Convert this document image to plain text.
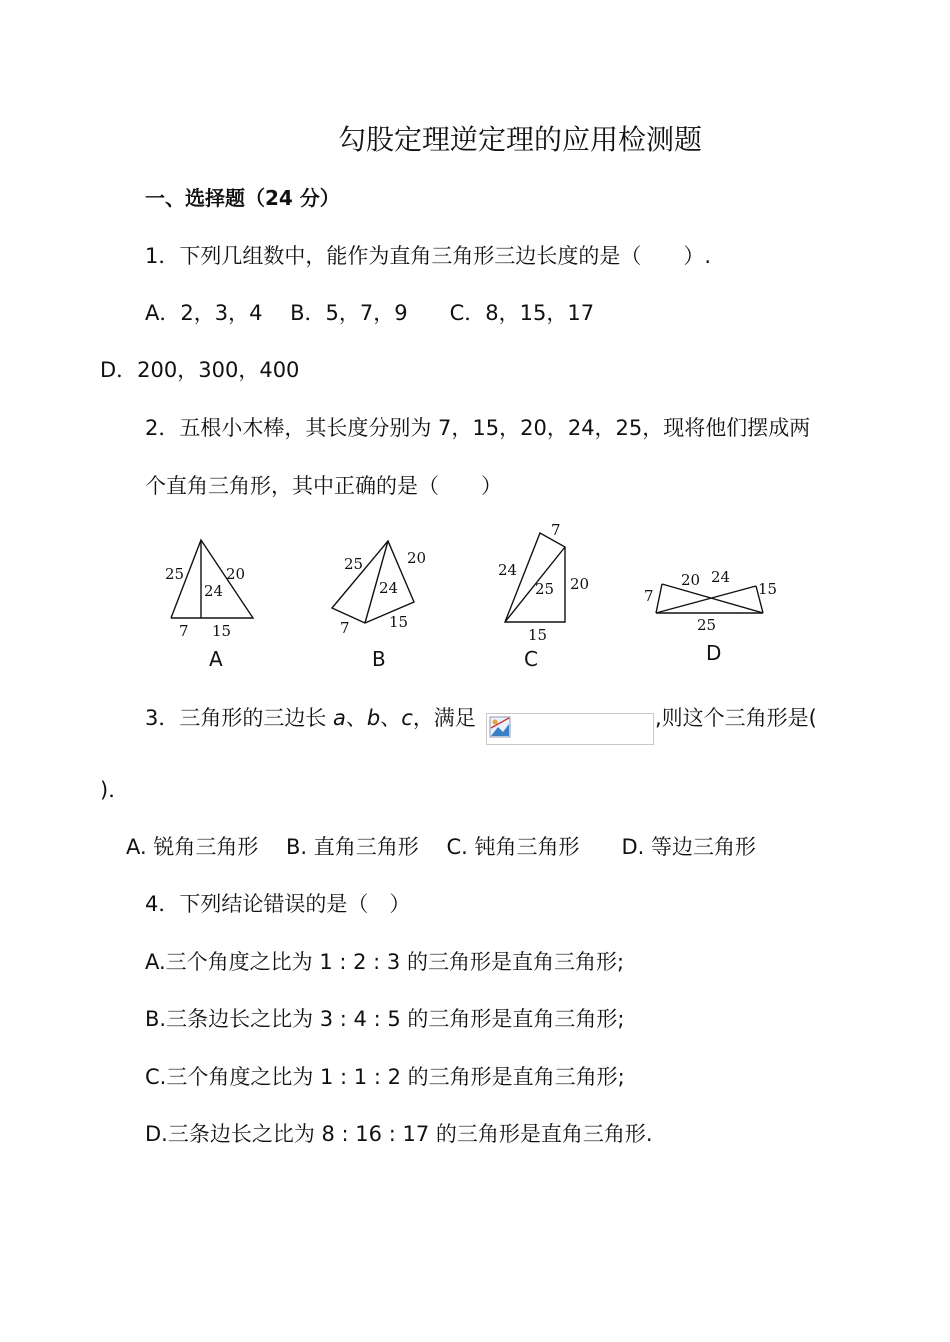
勾股定理逆定理的应用检测题
一、选择题（24 分）
1．下列几组数中，能作为直角三角形三边长度的是（　　）.
A．2，3，4　 B．5，7，9　　C．8，15，17
D．200，300，400
2．五根小木棒，其长度分别为 7，15，20，24，25，现将他们摆成两
个直角三角形，其中正确的是（　　）
25
24
20
7 15
A
25
24
20
7	15
B
7
24
25 20
15
C
7
20 24
15
25
D
3．三角形的三边长 a、b、c，满足	,则这个三角形是(
)．
A. 锐角三角形　 B. 直角三角形　 C. 钝角三角形　　D. 等边三角形
4．下列结论错误的是（　）
A.三个角度之比为 1 : 2 : 3 的三角形是直角三角形;
B.三条边长之比为 3 : 4 : 5 的三角形是直角三角形;
C.三个角度之比为 1 : 1 : 2 的三角形是直角三角形;
D.三条边长之比为 8 : 16 : 17 的三角形是直角三角形.
